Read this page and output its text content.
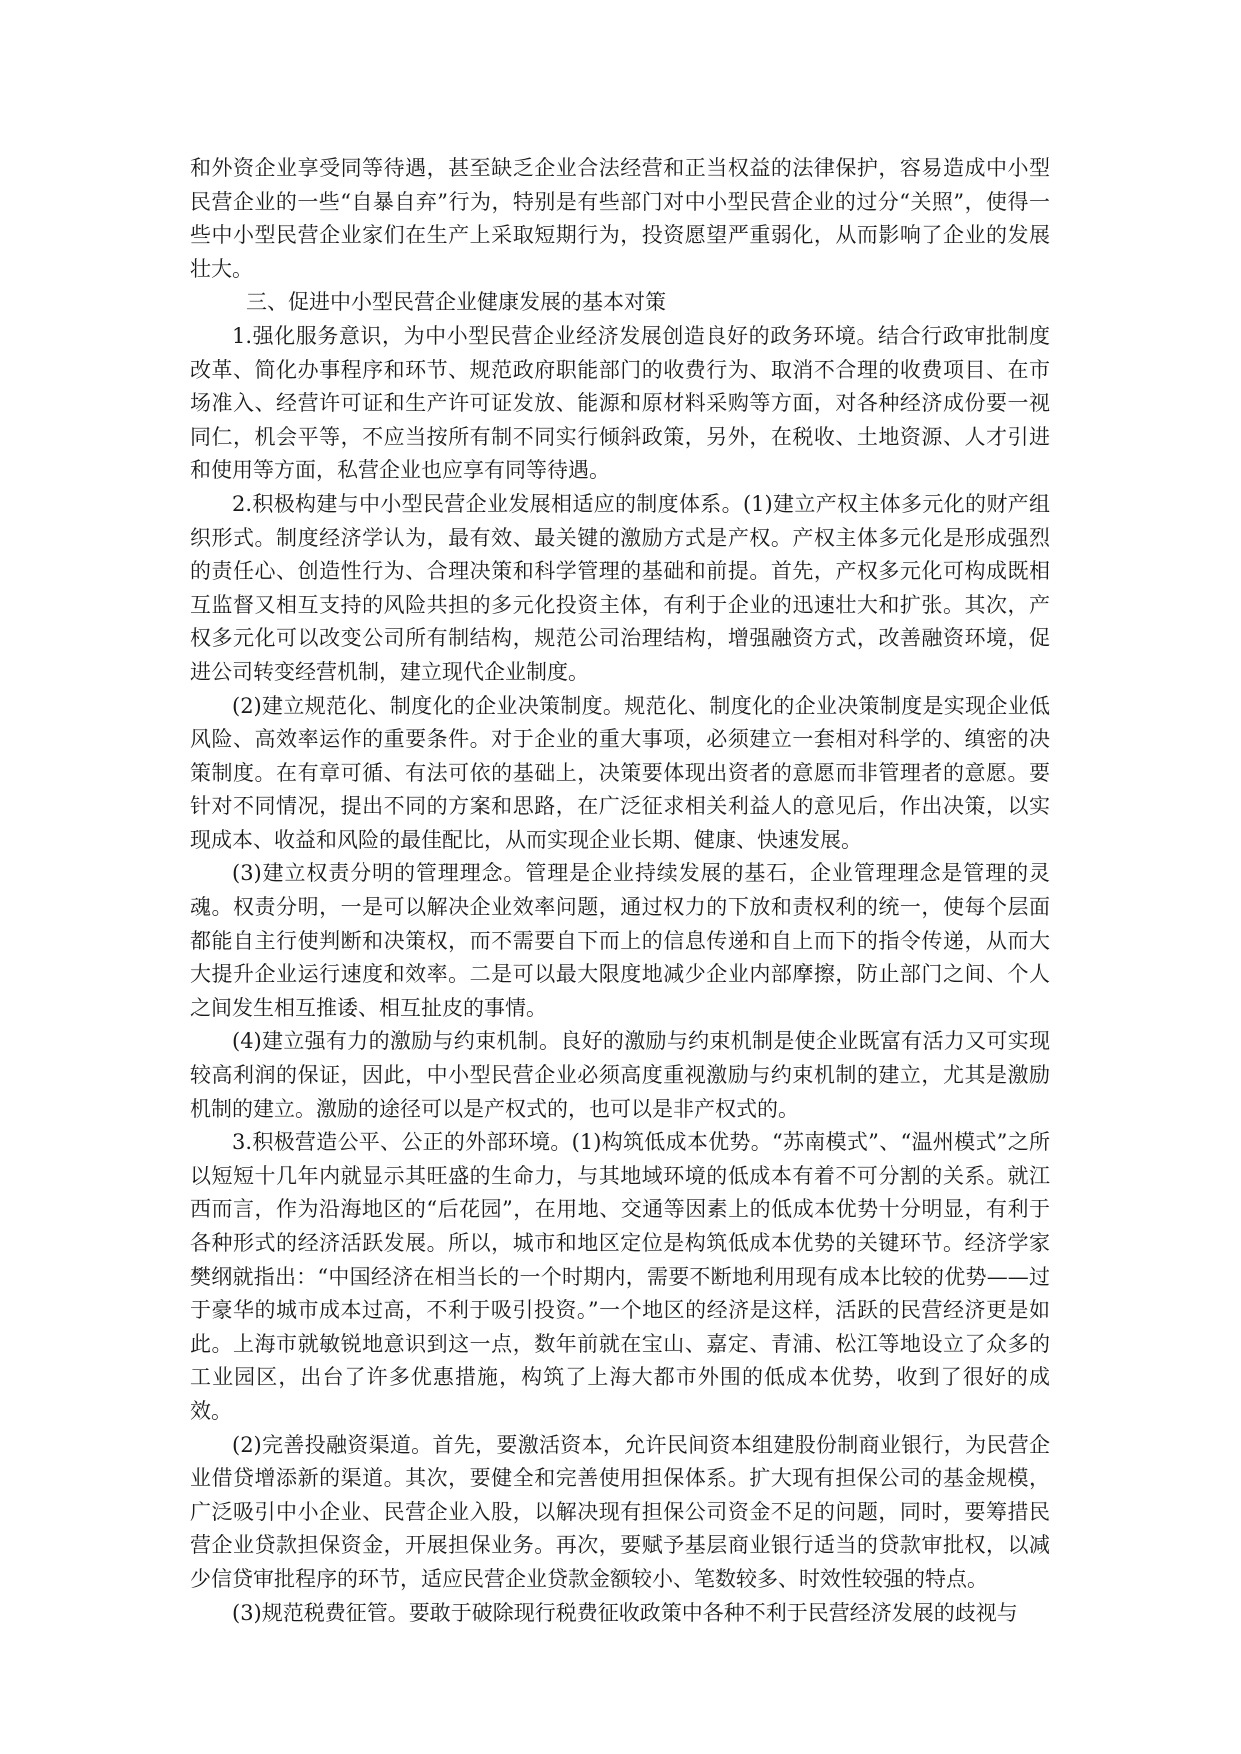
和外资企业享受同等待遇，甚至缺乏企业合法经营和正当权益的法律保护，容易造成中小型民营企业的一些“自暴自弃”行为，特别是有些部门对中小型民营企业的过分“关照”，使得一些中小型民营企业家们在生产上采取短期行为，投资愿望严重弱化，从而影响了企业的发展壮大。

三、促进中小型民营企业健康发展的基本对策

1.强化服务意识，为中小型民营企业经济发展创造良好的政务环境。结合行政审批制度改革、简化办事程序和环节、规范政府职能部门的收费行为、取消不合理的收费项目、在市场准入、经营许可证和生产许可证发放、能源和原材料采购等方面，对各种经济成份要一视同仁，机会平等，不应当按所有制不同实行倾斜政策，另外，在税收、土地资源、人才引进和使用等方面，私营企业也应享有同等待遇。

2.积极构建与中小型民营企业发展相适应的制度体系。(1)建立产权主体多元化的财产组织形式。制度经济学认为，最有效、最关键的激励方式是产权。产权主体多元化是形成强烈的责任心、创造性行为、合理决策和科学管理的基础和前提。首先，产权多元化可构成既相互监督又相互支持的风险共担的多元化投资主体，有利于企业的迅速壮大和扩张。其次，产权多元化可以改变公司所有制结构，规范公司治理结构，增强融资方式，改善融资环境，促进公司转变经营机制，建立现代企业制度。

(2)建立规范化、制度化的企业决策制度。规范化、制度化的企业决策制度是实现企业低风险、高效率运作的重要条件。对于企业的重大事项，必须建立一套相对科学的、缜密的决策制度。在有章可循、有法可依的基础上，决策要体现出资者的意愿而非管理者的意愿。要针对不同情况，提出不同的方案和思路，在广泛征求相关利益人的意见后，作出决策，以实现成本、收益和风险的最佳配比，从而实现企业长期、健康、快速发展。

(3)建立权责分明的管理理念。管理是企业持续发展的基石，企业管理理念是管理的灵魂。权责分明，一是可以解决企业效率问题，通过权力的下放和责权利的统一，使每个层面都能自主行使判断和决策权，而不需要自下而上的信息传递和自上而下的指令传递，从而大大提升企业运行速度和效率。二是可以最大限度地减少企业内部摩擦，防止部门之间、个人之间发生相互推诿、相互扯皮的事情。

(4)建立强有力的激励与约束机制。良好的激励与约束机制是使企业既富有活力又可实现较高利润的保证，因此，中小型民营企业必须高度重视激励与约束机制的建立，尤其是激励机制的建立。激励的途径可以是产权式的，也可以是非产权式的。

3.积极营造公平、公正的外部环境。(1)构筑低成本优势。“苏南模式”、“温州模式”之所以短短十几年内就显示其旺盛的生命力，与其地域环境的低成本有着不可分割的关系。就江西而言，作为沿海地区的“后花园”，在用地、交通等因素上的低成本优势十分明显，有利于各种形式的经济活跃发展。所以，城市和地区定位是构筑低成本优势的关键环节。经济学家樊纲就指出：“中国经济在相当长的一个时期内，需要不断地利用现有成本比较的优势——过于豪华的城市成本过高，不利于吸引投资。”一个地区的经济是这样，活跃的民营经济更是如此。上海市就敏锐地意识到这一点，数年前就在宝山、嘉定、青浦、松江等地设立了众多的工业园区，出台了许多优惠措施，构筑了上海大都市外围的低成本优势，收到了很好的成效。

(2)完善投融资渠道。首先，要激活资本，允许民间资本组建股份制商业银行，为民营企业借贷增添新的渠道。其次，要健全和完善使用担保体系。扩大现有担保公司的基金规模，广泛吸引中小企业、民营企业入股，以解决现有担保公司资金不足的问题，同时，要筹措民营企业贷款担保资金，开展担保业务。再次，要赋予基层商业银行适当的贷款审批权，以减少信贷审批程序的环节，适应民营企业贷款金额较小、笔数较多、时效性较强的特点。

(3)规范税费征管。要敢于破除现行税费征收政策中各种不利于民营经济发展的歧视与
